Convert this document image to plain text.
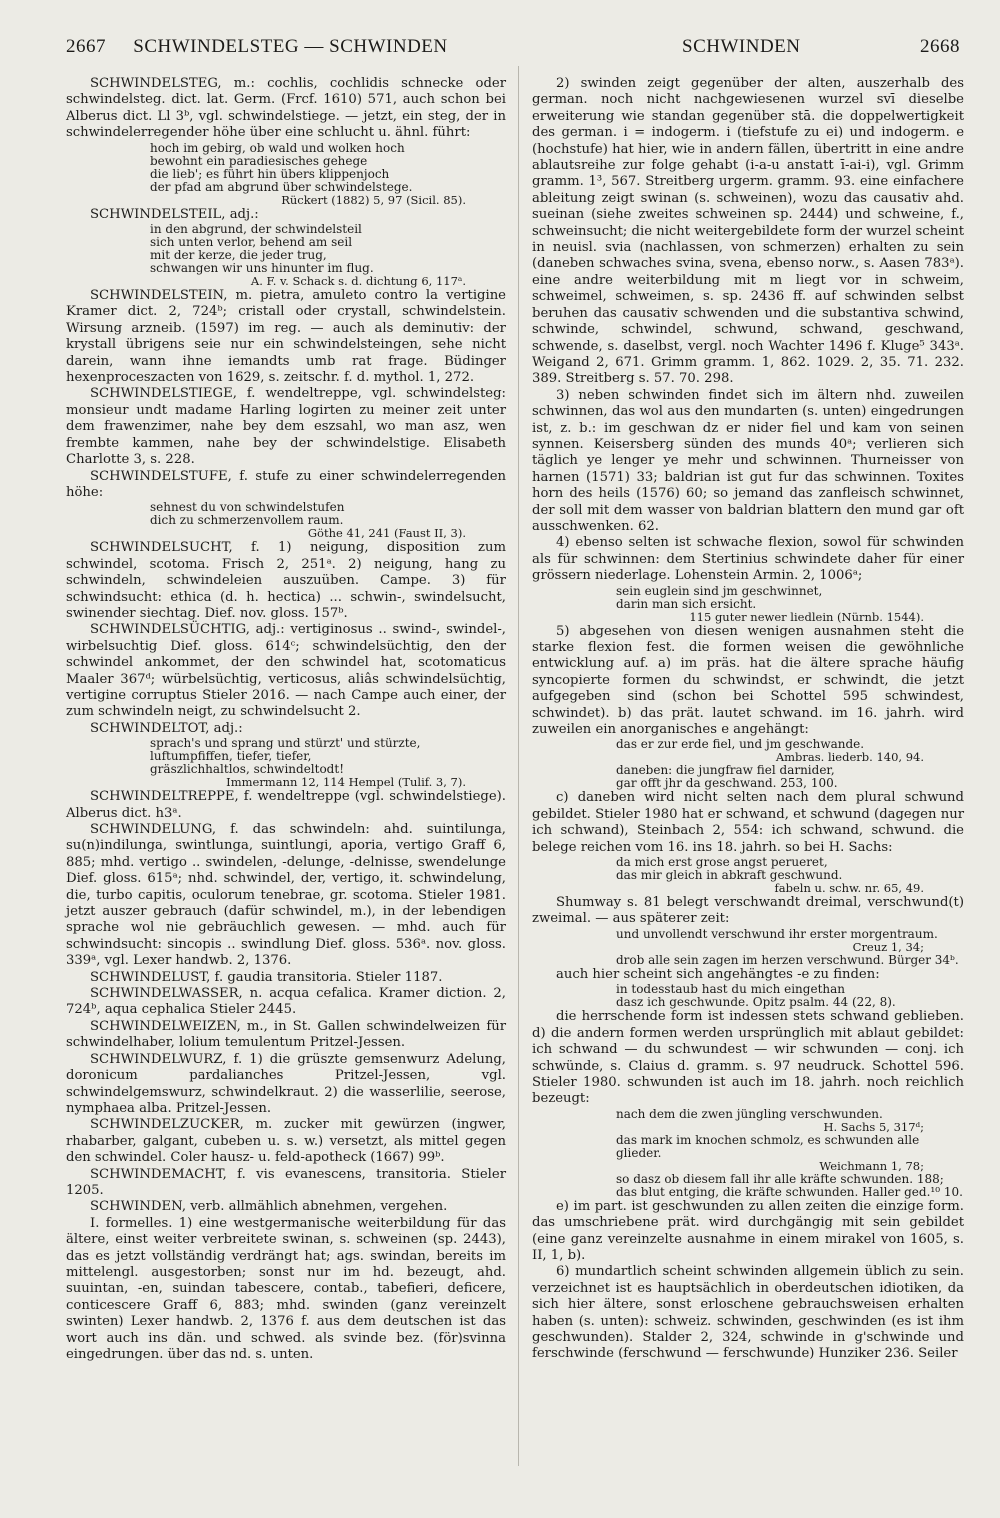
2667 SCHWINDELSTEG — SCHWINDEN	SCHWINDEN	2668

SCHWINDELSTEG, m.: cochlis, cochlidis schnecke oder schwindelsteg. dict. lat. Germ. (Frcf. 1610) 571, auch schon bei Alberus dict. Ll 3ᵇ, vgl. schwindelstiege. — jetzt, ein steg, der in schwindelerregender höhe über eine schlucht u. ähnl. führt:

hoch im gebirg, ob wald und wolken hoch
bewohnt ein paradiesisches gehege
die lieb'; es führt hin übers klippenjoch
der pfad am abgrund über schwindelstege.
Rückert (1882) 5, 97 (Sicil. 85).

SCHWINDELSTEIL, adj.:

in den abgrund, der schwindelsteil
sich unten verlor, behend am seil
mit der kerze, die jeder trug,
schwangen wir uns hinunter im flug.
A. F. v. Schack s. d. dichtung 6, 117ᵃ.

SCHWINDELSTEIN, m. pietra, amuleto contro la vertigine Kramer dict. 2, 724ᵇ; cristall oder crystall, schwindelstein. Wirsung arzneib. (1597) im reg. — auch als deminutiv: der krystall übrigens seie nur ein schwindelsteingen, sehe nicht darein, wann ihne iemandts umb rat frage. Büdinger hexenproceszacten von 1629, s. zeitschr. f. d. mythol. 1, 272.

SCHWINDELSTIEGE, f. wendeltreppe, vgl. schwindelsteg: monsieur undt madame Harling logirten zu meiner zeit unter dem frawenzimer, nahe bey dem eszsahl, wo man asz, wen frembte kammen, nahe bey der schwindelstige. Elisabeth Charlotte 3, s. 228.

SCHWINDELSTUFE, f. stufe zu einer schwindelerregenden höhe:

sehnest du von schwindelstufen
dich zu schmerzenvollem raum.
Göthe 41, 241 (Faust II, 3).

SCHWINDELSUCHT, f. 1) neigung, disposition zum schwindel, scotoma. Frisch 2, 251ᵃ. 2) neigung, hang zu schwindeln, schwindeleien auszuüben. Campe. 3) für schwindsucht: ethica (d. h. hectica) ... schwin-, swindelsucht, swinender siechtag. Dief. nov. gloss. 157ᵇ.

SCHWINDELSÜCHTIG, adj.: vertiginosus .. swind-, swindel-, wirbelsuchtig Dief. gloss. 614ᶜ; schwindelsüchtig, den der schwindel ankommet, der den schwindel hat, scotomaticus Maaler 367ᵈ; würbelsüchtig, verticosus, aliâs schwindelsüchtig, vertigine corruptus Stieler 2016. — nach Campe auch einer, der zum schwindeln neigt, zu schwindelsucht 2.

SCHWINDELTOT, adj.:

sprach's und sprang und stürzt' und stürzte,
luftumpfiffen, tiefer, tiefer,
gräszlichhaltlos, schwindeltodt!
Immermann 12, 114 Hempel (Tulif. 3, 7).

SCHWINDELTREPPE, f. wendeltreppe (vgl. schwindelstiege). Alberus dict. h3ᵃ.

SCHWINDELUNG, f. das schwindeln: ahd. suintilunga, su(n)indilunga, swintlunga, suintlungi, aporia, vertigo Graff 6, 885; mhd. vertigo .. swindelen, -delunge, -delnisse, swendelunge Dief. gloss. 615ᵃ; nhd. schwindel, der, vertigo, it. schwindelung, die, turbo capitis, oculorum tenebrae, gr. scotoma. Stieler 1981. jetzt auszer gebrauch (dafür schwindel, m.), in der lebendigen sprache wol nie gebräuchlich gewesen. — mhd. auch für schwindsucht: sincopis .. swindlung Dief. gloss. 536ᵃ. nov. gloss. 339ᵃ, vgl. Lexer handwb. 2, 1376.

SCHWINDELUST, f. gaudia transitoria. Stieler 1187.

SCHWINDELWASSER, n. acqua cefalica. Kramer diction. 2, 724ᵇ, aqua cephalica Stieler 2445.

SCHWINDELWEIZEN, m., in St. Gallen schwindelweizen für schwindelhaber, lolium temulentum Pritzel-Jessen.

SCHWINDELWURZ, f. 1) die grüszte gemsenwurz Adelung, doronicum pardalianches Pritzel-Jessen, vgl. schwindelgemswurz, schwindelkraut. 2) die wasserlilie, seerose, nymphaea alba. Pritzel-Jessen.

SCHWINDELZUCKER, m. zucker mit gewürzen (ingwer, rhabarber, galgant, cubeben u. s. w.) versetzt, als mittel gegen den schwindel. Coler hausz- u. feld-apotheck (1667) 99ᵇ.

SCHWINDEMACHT, f. vis evanescens, transitoria. Stieler 1205.

SCHWINDEN, verb. allmählich abnehmen, vergehen.

I. formelles. 1) eine westgermanische weiterbildung für das ältere, einst weiter verbreitete swinan, s. schweinen (sp. 2443), das es jetzt vollständig verdrängt hat; ags. swindan, bereits im mittelengl. ausgestorben; sonst nur im hd. bezeugt, ahd. suuintan, -en, suindan tabescere, contab., tabefieri, deficere, conticescere Graff 6, 883; mhd. swinden (ganz vereinzelt swinten) Lexer handwb. 2, 1376 f. aus dem deutschen ist das wort auch ins dän. und schwed. als svinde bez. (för)svinna eingedrungen. über das nd. s. unten.

2) swinden zeigt gegenüber der alten, auszerhalb des german. noch nicht nachgewiesenen wurzel svī dieselbe erweiterung wie standan gegenüber stā. die doppelwertigkeit des german. i = indogerm. i (tiefstufe zu ei) und indogerm. e (hochstufe) hat hier, wie in andern fällen, übertritt in eine andre ablautsreihe zur folge gehabt (i-a-u anstatt ī-ai-i), vgl. Grimm gramm. 1³, 567. Streitberg urgerm. gramm. 93. eine einfachere ableitung zeigt swinan (s. schweinen), wozu das causativ ahd. sueinan (siehe zweites schweinen sp. 2444) und schweine, f., schweinsucht; die nicht weitergebildete form der wurzel scheint in neuisl. svia (nachlassen, von schmerzen) erhalten zu sein (daneben schwaches svina, svena, ebenso norw., s. Aasen 783ᵃ). eine andre weiterbildung mit m liegt vor in schweim, schweimel, schweimen, s. sp. 2436 ff. auf schwinden selbst beruhen das causativ schwenden und die substantiva schwind, schwinde, schwindel, schwund, schwand, geschwand, schwende, s. daselbst, vergl. noch Wachter 1496 f. Kluge⁵ 343ᵃ. Weigand 2, 671. Grimm gramm. 1, 862. 1029. 2, 35. 71. 232. 389. Streitberg s. 57. 70. 298.

3) neben schwinden findet sich im ältern nhd. zuweilen schwinnen, das wol aus den mundarten (s. unten) eingedrungen ist, z. b.: im geschwan dz er nider fiel und kam von seinen synnen. Keisersberg sünden des munds 40ᵃ; verlieren sich täglich ye lenger ye mehr und schwinnen. Thurneisser von harnen (1571) 33; baldrian ist gut fur das schwinnen. Toxites horn des heils (1576) 60; so jemand das zanfleisch schwinnet, der soll mit dem wasser von baldrian blattern den mund gar oft ausschwenken. 62.

4) ebenso selten ist schwache flexion, sowol für schwinden als für schwinnen: dem Stertinius schwindete daher für einer grössern niederlage. Lohenstein Armin. 2, 1006ᵃ;

sein euglein sind jm geschwinnet,
darin man sich ersicht.
115 guter newer liedlein (Nürnb. 1544).

5) abgesehen von diesen wenigen ausnahmen steht die starke flexion fest. die formen weisen die gewöhnliche entwicklung auf. a) im präs. hat die ältere sprache häufig syncopierte formen du schwindst, er schwindt, die jetzt aufgegeben sind (schon bei Schottel 595 schwindest, schwindet). b) das prät. lautet schwand. im 16. jahrh. wird zuweilen ein anorganisches e angehängt:

das er zur erde fiel, und jm geschwande.
Ambras. liederb. 140, 94.
daneben: die jungfraw fiel darnider,
gar offt jhr da geschwand. 253, 100.

c) daneben wird nicht selten nach dem plural schwund gebildet. Stieler 1980 hat er schwand, et schwund (dagegen nur ich schwand), Steinbach 2, 554: ich schwand, schwund. die belege reichen vom 16. ins 18. jahrh. so bei H. Sachs:

da mich erst grose angst perueret,
das mir gleich in abkraft geschwund.
fabeln u. schw. nr. 65, 49.

Shumway s. 81 belegt verschwandt dreimal, verschwund(t) zweimal. — aus späterer zeit:

und unvollendt verschwund ihr erster morgentraum.
Creuz 1, 34;
drob alle sein zagen im herzen verschwund. Bürger 34ᵇ.

auch hier scheint sich angehängtes -e zu finden:

in todesstaub hast du mich eingethan
dasz ich geschwunde. Opitz psalm. 44 (22, 8).

die herrschende form ist indessen stets schwand geblieben. d) die andern formen werden ursprünglich mit ablaut gebildet: ich schwand — du schwundest — wir schwunden — conj. ich schwünde, s. Claius d. gramm. s. 97 neudruck. Schottel 596. Stieler 1980. schwunden ist auch im 18. jahrh. noch reichlich bezeugt:

nach dem die zwen jüngling verschwunden.
H. Sachs 5, 317ᵈ;
das mark im knochen schmolz, es schwunden alle glieder.
Weichmann 1, 78;
so dasz ob diesem fall ihr alle kräfte schwunden. 188;
das blut entging, die kräfte schwunden. Haller ged.¹⁰ 10.

e) im part. ist geschwunden zu allen zeiten die einzige form. das umschriebene prät. wird durchgängig mit sein gebildet (eine ganz vereinzelte ausnahme in einem mirakel von 1605, s. II, 1, b).

6) mundartlich scheint schwinden allgemein üblich zu sein. verzeichnet ist es hauptsächlich in oberdeutschen idiotiken, da sich hier ältere, sonst erloschene gebrauchsweisen erhalten haben (s. unten): schweiz. schwinden, geschwinden (es ist ihm geschwunden). Stalder 2, 324, schwinde in g'schwinde und ferschwinde (ferschwund — ferschwunde) Hunziker 236. Seiler
